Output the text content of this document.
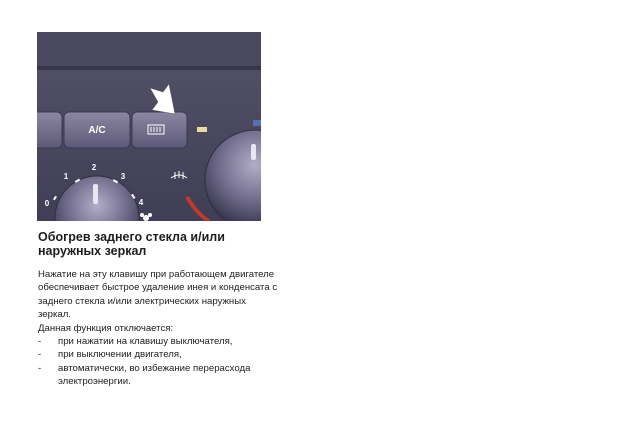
A/C
0
1
2
3
4
Обогрев заднего стекла и/или наружных зеркал

Нажатие на эту клавишу при работающем двигателе обеспечивает быстрое удаление инея и конденсата с заднего стекла и/или электрических наружных зеркал.

Данная функция отключается:

- при нажатии на клавишу выключателя,
- при выключении двигателя,
- автоматически, во избежание перерасхода электроэнергии.
